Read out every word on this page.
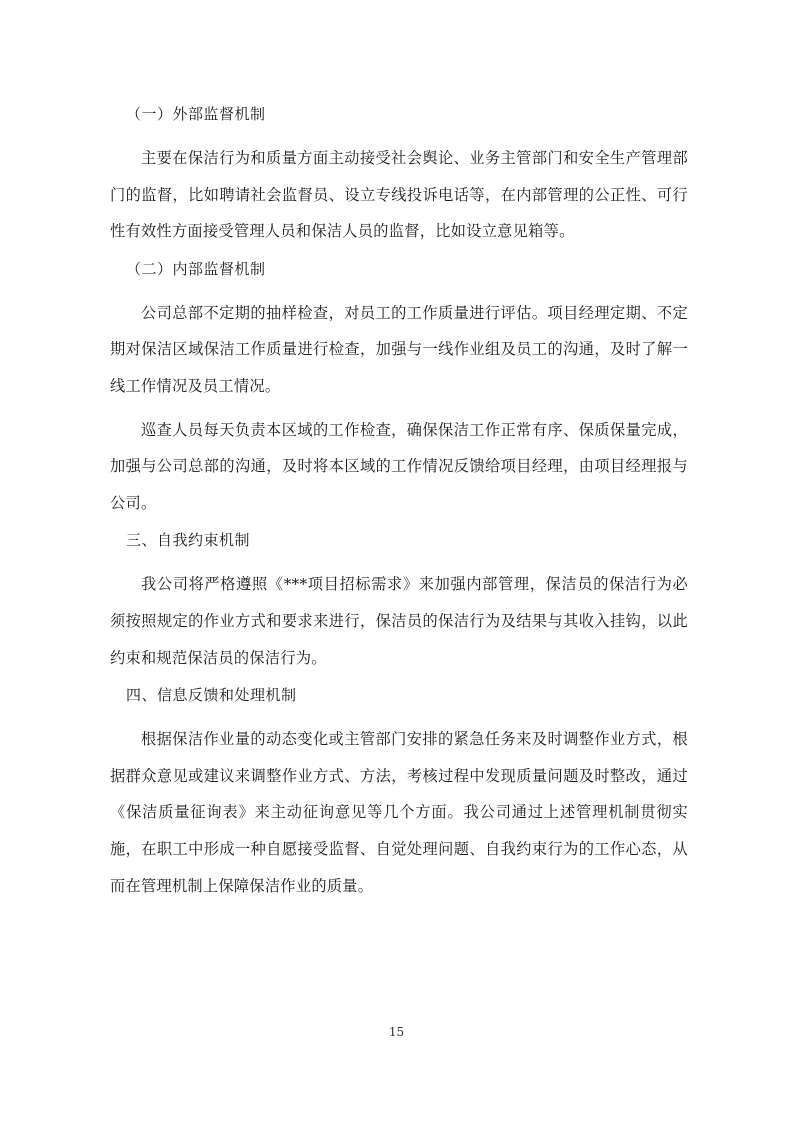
（一）外部监督机制

主要在保洁行为和质量方面主动接受社会舆论、业务主管部门和安全生产管理部门的监督，比如聘请社会监督员、设立专线投诉电话等，在内部管理的公正性、可行性有效性方面接受管理人员和保洁人员的监督，比如设立意见箱等。

（二）内部监督机制

公司总部不定期的抽样检查，对员工的工作质量进行评估。项目经理定期、不定期对保洁区域保洁工作质量进行检查，加强与一线作业组及员工的沟通，及时了解一线工作情况及员工情况。

巡查人员每天负责本区域的工作检查，确保保洁工作正常有序、保质保量完成，加强与公司总部的沟通，及时将本区域的工作情况反馈给项目经理，由项目经理报与公司。

三、自我约束机制

我公司将严格遵照《***项目招标需求》来加强内部管理，保洁员的保洁行为必须按照规定的作业方式和要求来进行，保洁员的保洁行为及结果与其收入挂钩，以此约束和规范保洁员的保洁行为。

四、信息反馈和处理机制

根据保洁作业量的动态变化或主管部门安排的紧急任务来及时调整作业方式，根据群众意见或建议来调整作业方式、方法，考核过程中发现质量问题及时整改，通过《保洁质量征询表》来主动征询意见等几个方面。我公司通过上述管理机制贯彻实施，在职工中形成一种自愿接受监督、自觉处理问题、自我约束行为的工作心态，从而在管理机制上保障保洁作业的质量。

15
